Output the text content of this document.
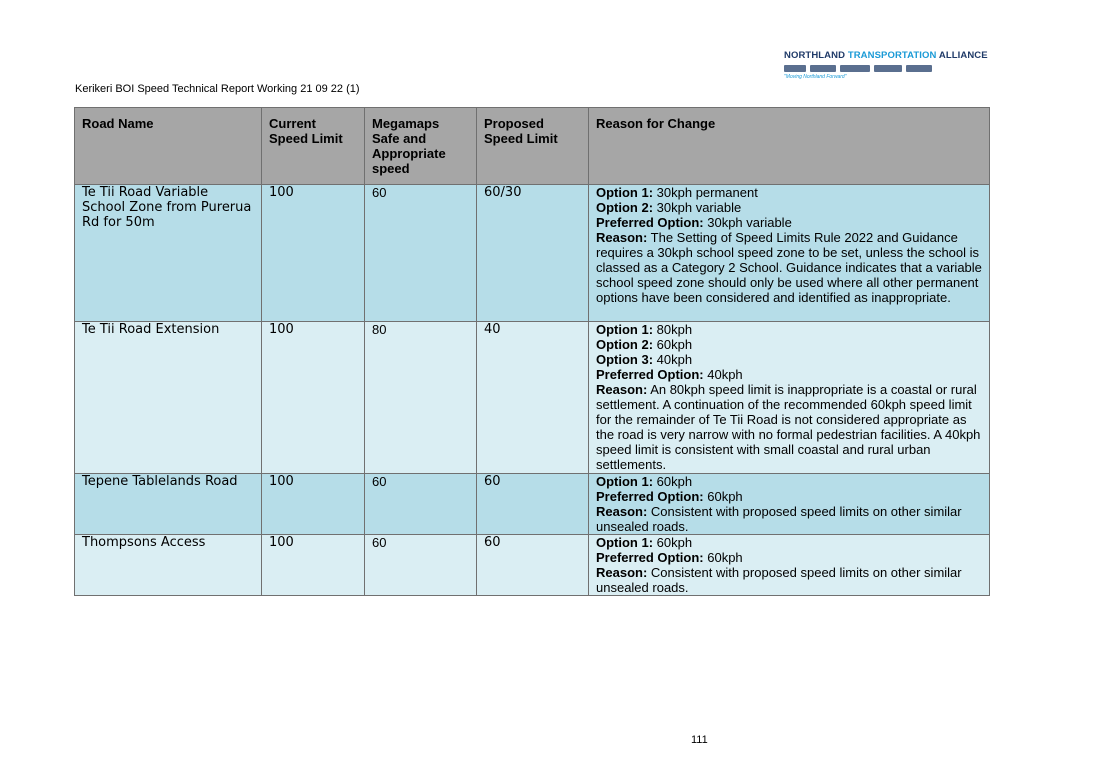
NORTHLAND TRANSPORTATION ALLIANCE
"Moving Northland Forward"
Kerikeri BOI Speed Technical Report Working 21 09 22 (1)
Road Name	Current Speed Limit	Megamaps Safe and Appropriate speed	Proposed Speed Limit	Reason for Change
Te Tii Road Variable School Zone from Purerua Rd for 50m	100	60	60/30	Option 1: 30kph permanent
Option 2: 30kph variable
Preferred Option: 30kph variable
Reason: The Setting of Speed Limits Rule 2022 and Guidance requires a 30kph school speed zone to be set, unless the school is classed as a Category 2 School. Guidance indicates that a variable school speed zone should only be used where all other permanent options have been considered and identified as inappropriate.

Te Tii Road Extension	100	80	40	Option 1: 80kph
Option 2: 60kph
Option 3: 40kph
Preferred Option: 40kph
Reason: An 80kph speed limit is inappropriate is a coastal or rural settlement. A continuation of the recommended 60kph speed limit for the remainder of Te Tii Road is not considered appropriate as the road is very narrow with no formal pedestrian facilities. A 40kph speed limit is consistent with small coastal and rural urban settlements.

Tepene Tablelands Road	100	60	60	Option 1: 60kph
Preferred Option: 60kph
Reason: Consistent with proposed speed limits on other similar unsealed roads.

Thompsons Access	100	60	60	Option 1: 60kph
Preferred Option: 60kph
Reason: Consistent with proposed speed limits on other similar unsealed roads.
111
